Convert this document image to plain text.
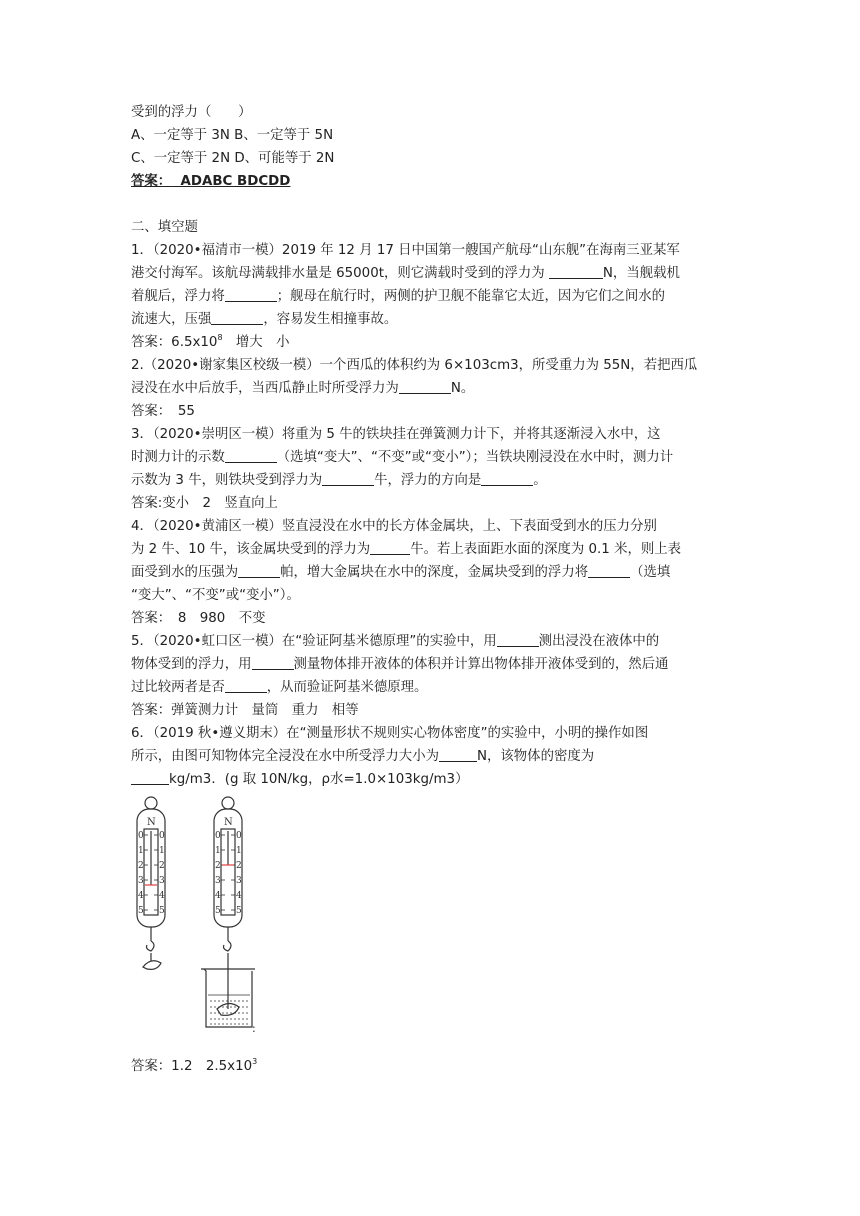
受到的浮力（　　）
A、一定等于 3N B、一定等于 5N
C、一定等于 2N D、可能等于 2N
答案： ADABC BDCDD
二、填空题
1．（2020•福清市一模）2019 年 12 月 17 日中国第一艘国产航母“山东舰”在海南三亚某军
港交付海军。该航母满载排水量是 65000t，则它满载时受到的浮力为	N，当舰载机
着舰后，浮力将	；舰母在航行时，两侧的护卫舰不能靠它太近，因为它们之间水的
流速大，压强	，容易发生相撞事故。
答案：$6.5x10^8$　增大　小
2.（2020•谢家集区校级一模）一个西瓜的体积约为 6×103cm3，所受重力为 55N，若把西瓜
浸没在水中后放手，当西瓜静止时所受浮力为	N。
答案：　55
3．（2020•崇明区一模）将重为 5 牛的铁块挂在弹簧测力计下，并将其逐渐浸入水中，这
时测力计的示数	（选填“变大”、“不变”或“变小”）；当铁块刚浸没在水中时，测力计
示数为 3 牛，则铁块受到浮力为	牛，浮力的方向是	。
答案:变小　2　竖直向上
4．（2020•黄浦区一模）竖直浸没在水中的长方体金属块，上、下表面受到水的压力分别
为 2 牛、10 牛，该金属块受到的浮力为	牛。若上表面距水面的深度为 0.1 米，则上表
面受到水的压强为	帕，增大金属块在水中的深度，金属块受到的浮力将	（选填
“变大”、“不变”或“变小”）。
答案：　8　980　不变
5．（2020•虹口区一模）在“验证阿基米德原理”的实验中，用	测出浸没在液体中的
物体受到的浮力，用	测量物体排开液体的体积并计算出物体排开液体受到的，然后通
过比较两者是否	，从而验证阿基米德原理。
答案：弹簧测力计　量筒　重力　相等
6．（2019 秋•遵义期末）在“测量形状不规则实心物体密度”的实验中，小明的操作如图
所示，由图可知物体完全浸没在水中所受浮力大小为	N，该物体的密度为
kg/m3．(g 取 10N/kg，ρ水=1.0×103kg/m3）
N	N
0
1
2
3
4
5
0
1
2
3
4
5
0
1
2
3
4
5
0
1
2
3
4
5
:
答案：1.2　$2.5x10^3$
